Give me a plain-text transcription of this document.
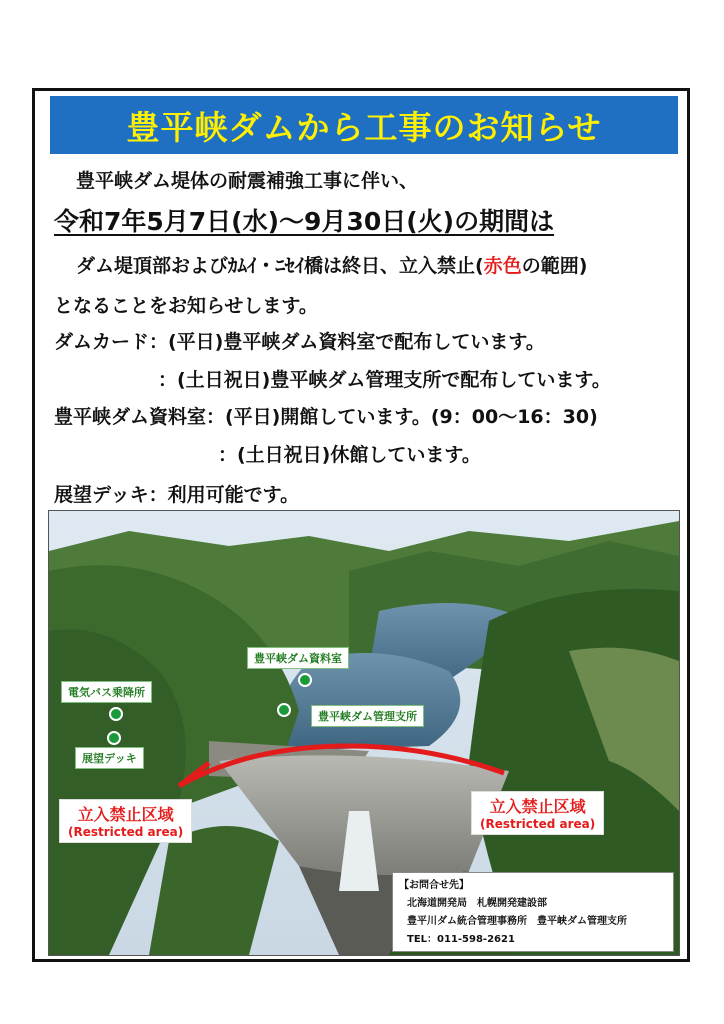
豊平峡ダムから工事のお知らせ
豊平峡ダム堤体の耐震補強工事に伴い、
令和7年5月7日(水)～9月30日(火)の期間は
ダム堤頂部およびｶﾑｲ・ﾆｾｲ橋は終日、立入禁止(赤色の範囲)
となることをお知らせします。
ダムカード：(平日)豊平峡ダム資料室で配布しています。
：(土日祝日)豊平峡ダム管理支所で配布しています。
豊平峡ダム資料室：(平日)開館しています。(9：00～16：30)
：(土日祝日)休館しています。
展望デッキ：利用可能です。
豊平峡ダム資料室
電気バス乗降所
豊平峡ダム管理支所
展望デッキ
立入禁止区域
(Restricted area)
立入禁止区域
(Restricted area)
【お問合せ先】
北海道開発局　札幌開発建設部
豊平川ダム統合管理事務所　豊平峡ダム管理支所
TEL：011-598-2621
